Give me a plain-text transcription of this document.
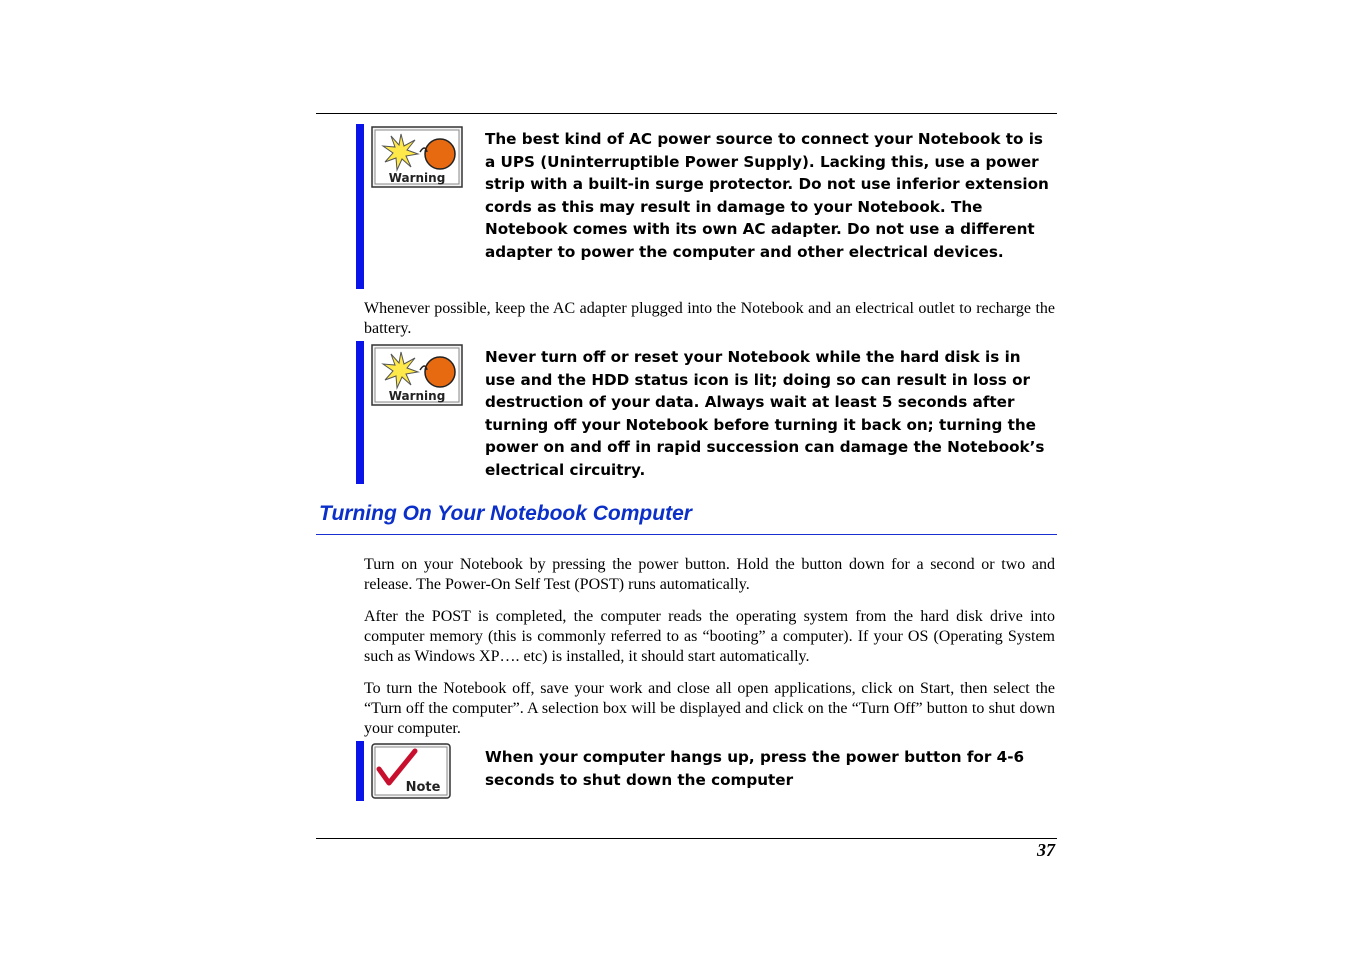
Warning
The best kind of AC power source to connect your Notebook to is a UPS (Uninterruptible Power Supply). Lacking this, use a power strip with a built-in surge protector. Do not use inferior extension cords as this may result in damage to your Notebook. The Notebook comes with its own AC adapter. Do not use a different adapter to power the computer and other electrical devices.
Whenever possible, keep the AC adapter plugged into the Notebook and an electrical outlet to recharge the battery.
Warning
Never turn off or reset your Notebook while the hard disk is in use and the HDD status icon is lit; doing so can result in loss or destruction of your data. Always wait at least 5 seconds after turning off your Notebook before turning it back on; turning the power on and off in rapid succession can damage the Notebook’s electrical circuitry.
Turning On Your Notebook Computer
Turn on your Notebook by pressing the power button. Hold the button down for a second or two and release. The Power-On Self Test (POST) runs automatically.
After the POST is completed, the computer reads the operating system from the hard disk drive into computer memory (this is commonly referred to as “booting” a computer). If your OS (Operating System such as Windows XP…. etc) is installed, it should start automatically.
To turn the Notebook off, save your work and close all open applications, click on Start, then select the “Turn off the computer”. A selection box will be displayed and click on the “Turn Off” button to shut down your computer.
Note
When your computer hangs up, press the power button for 4-6 seconds to shut down the computer
37
